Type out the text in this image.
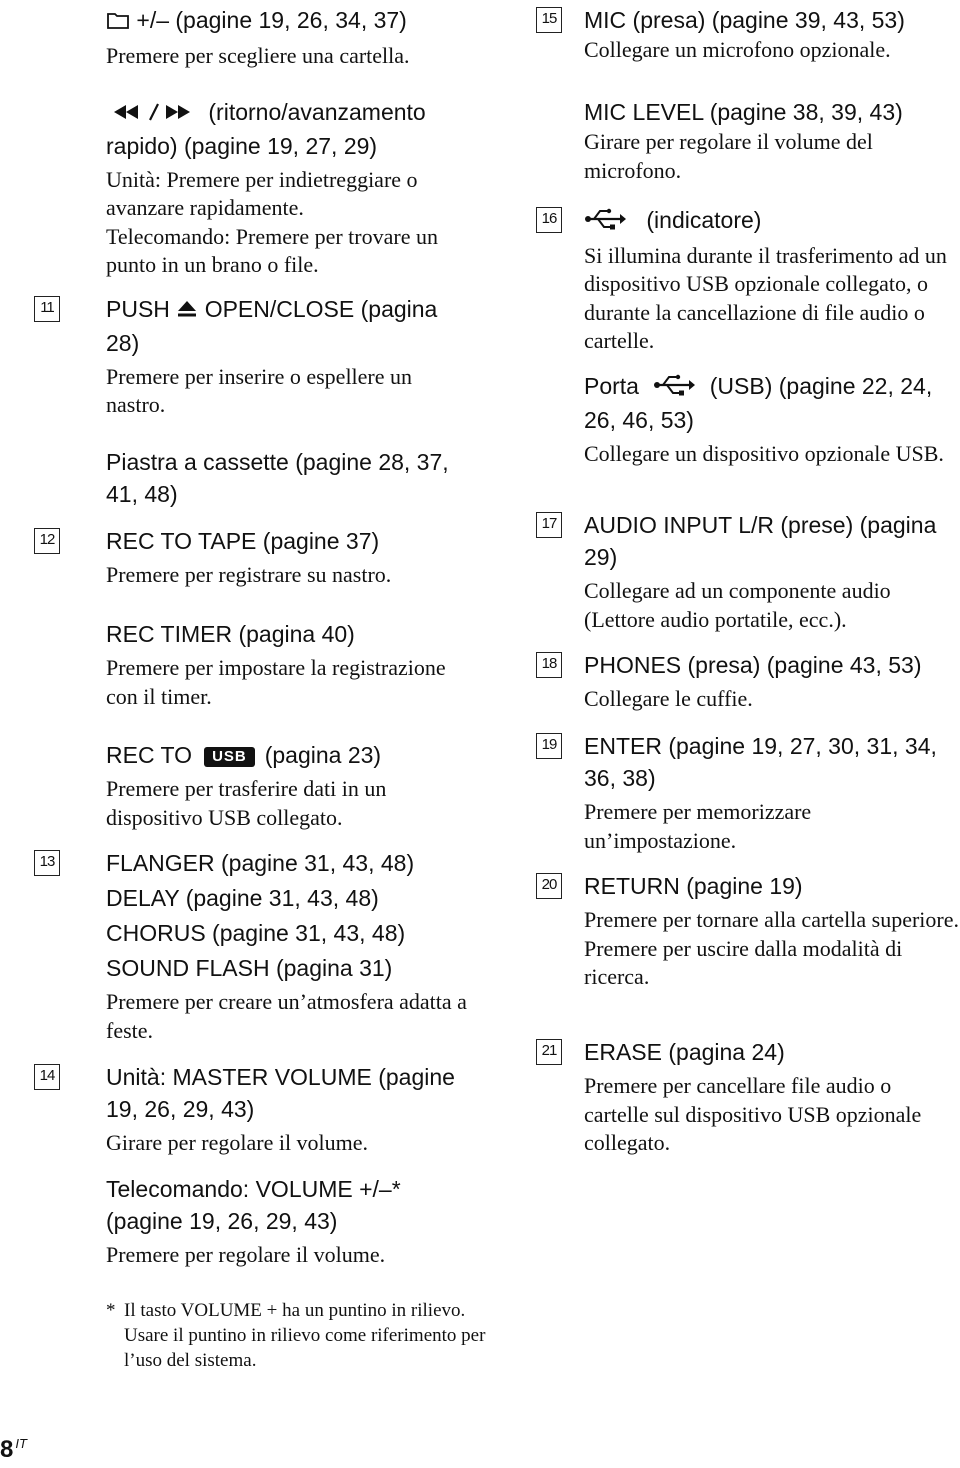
+/– (pagine 19, 26, 34, 37)

Premere per scegliere una cartella.

(ritorno/avanzamento rapido) (pagine 19, 27, 29)

Unità: Premere per indietreggiare o avanzare rapidamente.

Telecomando: Premere per trovare un punto in un brano o file.

11 PUSH OPEN/CLOSE (pagina 28)

Premere per inserire o espellere un nastro.

Piastra a cassette (pagine 28, 37, 41, 48)

12 REC TO TAPE (pagine 37)

Premere per registrare su nastro.

REC TIMER (pagina 40)

Premere per impostare la registrazione con il timer.

REC TO USB (pagina 23)

Premere per trasferire dati in un dispositivo USB collegato.

13 FLANGER (pagine 31, 43, 48)

DELAY (pagine 31, 43, 48)

CHORUS (pagine 31, 43, 48)

SOUND FLASH (pagina 31)

Premere per creare un’atmosfera adatta a feste.

14 Unità: MASTER VOLUME (pagine 19, 26, 29, 43)

Girare per regolare il volume.

Telecomando: VOLUME +/–* (pagine 19, 26, 29, 43)

Premere per regolare il volume.

15 MIC (presa) (pagine 39, 43, 53)

Collegare un microfono opzionale.

MIC LEVEL (pagine 38, 39, 43)

Girare per regolare il volume del microfono.

16	(indicatore)

Si illumina durante il trasferimento ad un dispositivo USB opzionale collegato, o durante la cancellazione di file audio o cartelle.

Porta	(USB) (pagine 22, 24, 26, 46, 53)

Collegare un dispositivo opzionale USB.

17 AUDIO INPUT L/R (prese) (pagina 29)

Collegare ad un componente audio (Lettore audio portatile, ecc.).

18 PHONES (presa) (pagine 43, 53)

Collegare le cuffie.

19 ENTER (pagine 19, 27, 30, 31, 34, 36, 38)

Premere per memorizzare un’impostazione.

20 RETURN (pagine 19)

Premere per tornare alla cartella superiore.

Premere per uscire dalla modalità di ricerca.

21 ERASE (pagina 24)

Premere per cancellare file audio o cartelle sul dispositivo USB opzionale collegato.

* Il tasto VOLUME + ha un puntino in rilievo. Usare il puntino in rilievo come riferimento per l’uso del sistema.
8 $^{IT}$
